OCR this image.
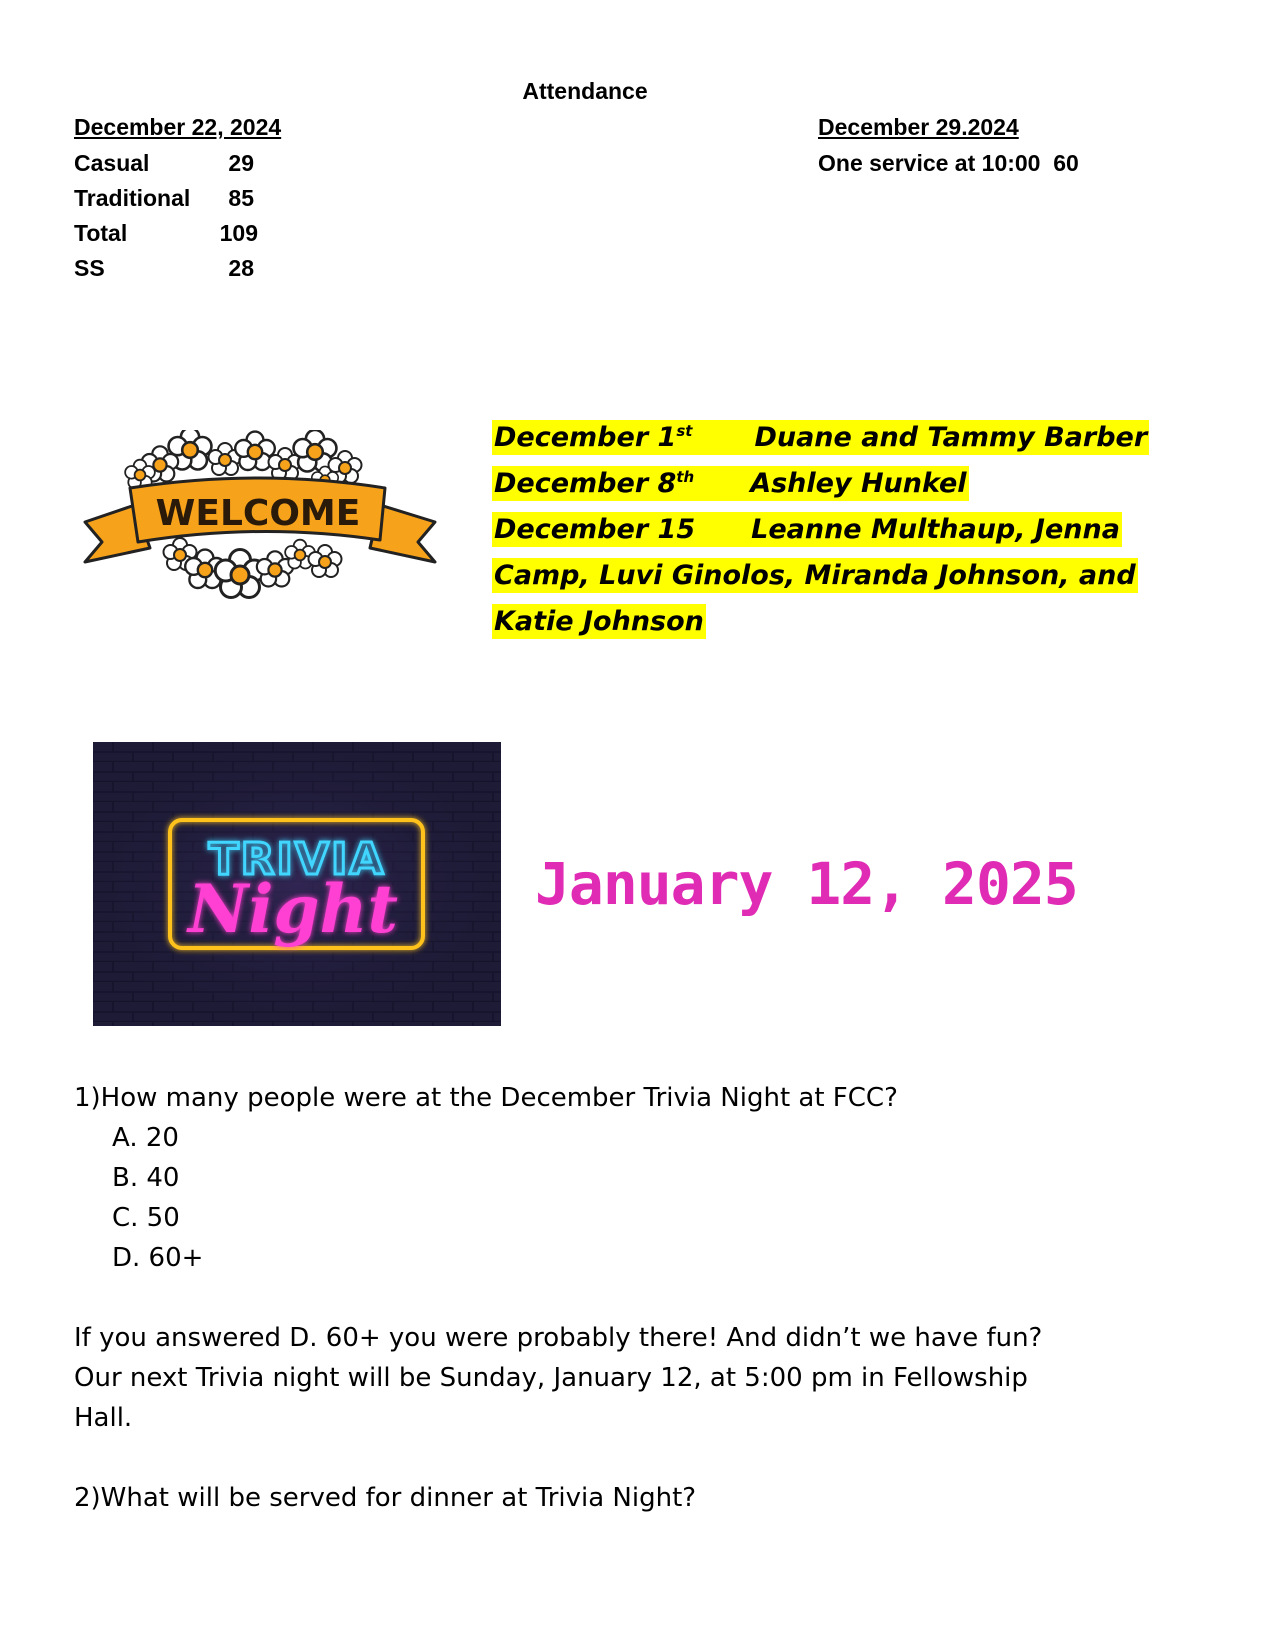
Attendance
December 22, 2024
Casual	29
Traditional	85
Total	109
SS	28
December 29.2024
One service at 10:00  60
WELCOME
December 1st Duane and Tammy Barber
December 8th Ashley Hunkel
December 15 Leanne Multhaup, Jenna
Camp, Luvi Ginolos, Miranda Johnson, and
Katie Johnson
TRIVIA
Night January 12, 2025
1)How many people were at the December Trivia Night at FCC?
A. 20
B. 40
C. 50
D. 60+
If you answered D. 60+ you were probably there! And didn’t we have fun?
Our next Trivia night will be Sunday, January 12, at 5:00 pm in Fellowship
Hall.
2)What will be served for dinner at Trivia Night?
